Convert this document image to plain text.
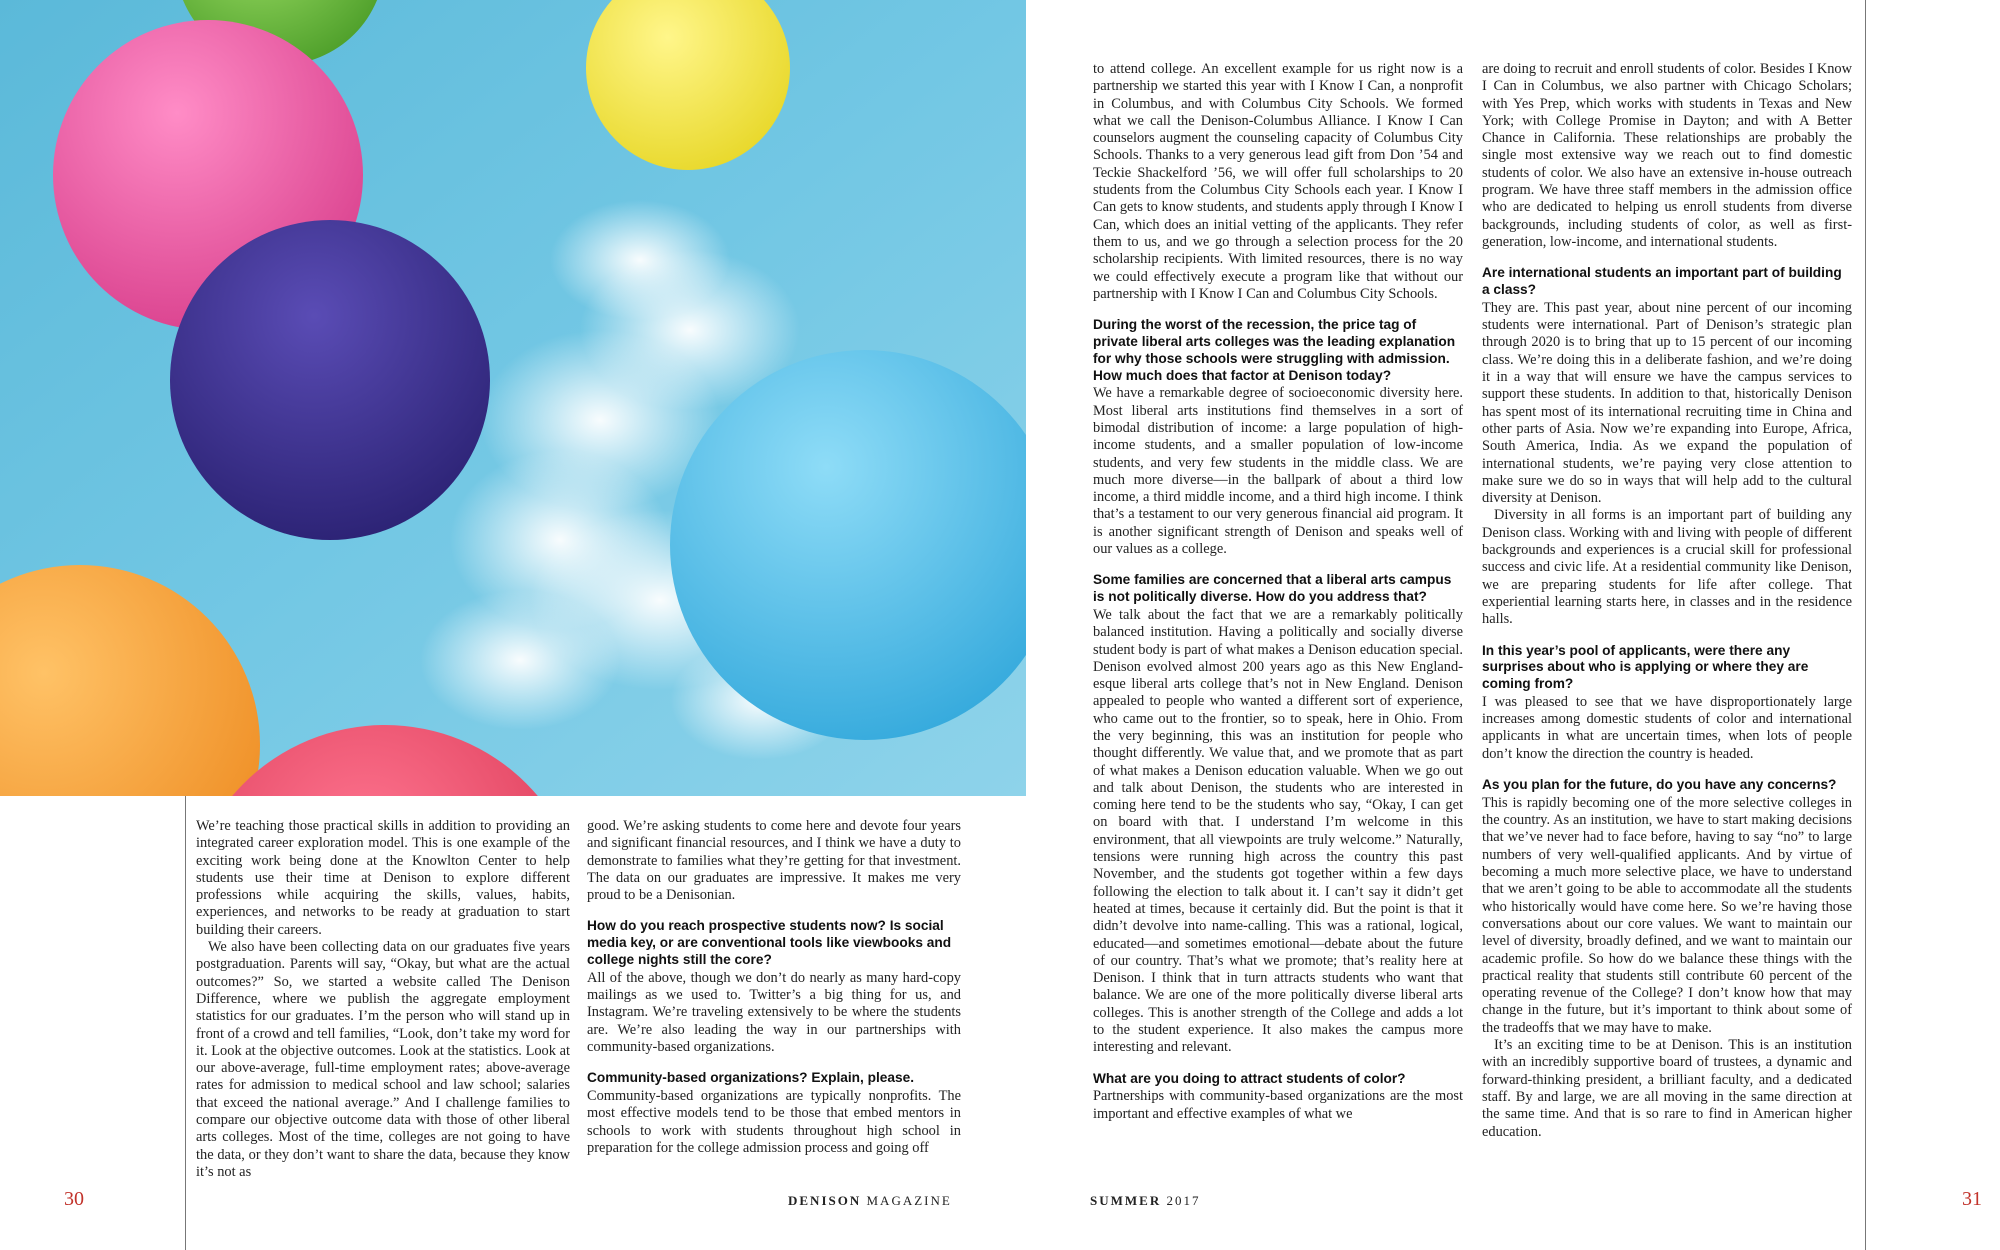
We’re teaching those practical skills in addition to providing an integrated career exploration model. This is one example of the exciting work being done at the Knowlton Center to help students use their time at Denison to explore different professions while acquiring the skills, values, habits, experiences, and networks to be ready at graduation to start building their careers.

We also have been collecting data on our graduates five years postgraduation. Parents will say, “Okay, but what are the actual outcomes?” So, we started a website called The Denison Difference, where we publish the aggregate employment statistics for our graduates. I’m the person who will stand up in front of a crowd and tell families, “Look, don’t take my word for it. Look at the objective outcomes. Look at the statistics. Look at our above-average, full-time employment rates; above-average rates for admission to medical school and law school; salaries that exceed the national average.” And I challenge families to compare our objective outcome data with those of other liberal arts colleges. Most of the time, colleges are not going to have the data, or they don’t want to share the data, because they know it’s not as

good. We’re asking students to come here and devote four years and significant financial resources, and I think we have a duty to demonstrate to families what they’re getting for that investment. The data on our graduates are impressive. It makes me very proud to be a Denisonian.

How do you reach prospective students now? Is social media key, or are conventional tools like viewbooks and college nights still the core?

All of the above, though we don’t do nearly as many hard-copy mailings as we used to. Twitter’s a big thing for us, and Instagram. We’re traveling extensively to be where the students are. We’re also leading the way in our partnerships with community-based organizations.

Community-based organizations? Explain, please.

Community-based organizations are typically nonprofits. The most effective models tend to be those that embed mentors in schools to work with students throughout high school in preparation for the college admission process and going off

to attend college. An excellent example for us right now is a partnership we started this year with I Know I Can, a nonprofit in Columbus, and with Columbus City Schools. We formed what we call the Denison-Columbus Alliance. I Know I Can counselors augment the counseling capacity of Columbus City Schools. Thanks to a very generous lead gift from Don ’54 and Teckie Shackelford ’56, we will offer full scholarships to 20 students from the Columbus City Schools each year. I Know I Can gets to know students, and students apply through I Know I Can, which does an initial vetting of the applicants. They refer them to us, and we go through a selection process for the 20 scholarship recipients. With limited resources, there is no way we could effectively execute a program like that without our partnership with I Know I Can and Columbus City Schools.

During the worst of the recession, the price tag of private liberal arts colleges was the leading explanation for why those schools were struggling with admission. How much does that factor at Denison today?

We have a remarkable degree of socioeconomic diversity here. Most liberal arts institutions find themselves in a sort of bimodal distribution of income: a large population of high-income students, and a smaller population of low-income students, and very few students in the middle class. We are much more diverse—in the ballpark of about a third low income, a third middle income, and a third high income. I think that’s a testament to our very generous financial aid program. It is another significant strength of Denison and speaks well of our values as a college.

Some families are concerned that a liberal arts campus is not politically diverse. How do you address that?

We talk about the fact that we are a remarkably politically balanced institution. Having a politically and socially diverse student body is part of what makes a Denison education special. Denison evolved almost 200 years ago as this New England-esque liberal arts college that’s not in New England. Denison appealed to people who wanted a different sort of experience, who came out to the frontier, so to speak, here in Ohio. From the very beginning, this was an institution for people who thought differently. We value that, and we promote that as part of what makes a Denison education valuable. When we go out and talk about Denison, the students who are interested in coming here tend to be the students who say, “Okay, I can get on board with that. I understand I’m welcome in this environment, that all viewpoints are truly welcome.” Naturally, tensions were running high across the country this past November, and the students got together within a few days following the election to talk about it. I can’t say it didn’t get heated at times, because it certainly did. But the point is that it didn’t devolve into name-calling. This was a rational, logical, educated—and sometimes emotional—debate about the future of our country. That’s what we promote; that’s reality here at Denison. I think that in turn attracts students who want that balance. We are one of the more politically diverse liberal arts colleges. This is another strength of the College and adds a lot to the student experience. It also makes the campus more interesting and relevant.

What are you doing to attract students of color?

Partnerships with community-based organizations are the most important and effective examples of what we

are doing to recruit and enroll students of color. Besides I Know I Can in Columbus, we also partner with Chicago Scholars; with Yes Prep, which works with students in Texas and New York; with College Promise in Dayton; and with A Better Chance in California. These relationships are probably the single most extensive way we reach out to find domestic students of color. We also have an extensive in-house outreach program. We have three staff members in the admission office who are dedicated to helping us enroll students from diverse backgrounds, including students of color, as well as first-generation, low-income, and international students.

Are international students an important part of building a class?

They are. This past year, about nine percent of our incoming students were international. Part of Denison’s strategic plan through 2020 is to bring that up to 15 percent of our incoming class. We’re doing this in a deliberate fashion, and we’re doing it in a way that will ensure we have the campus services to support these students. In addition to that, historically Denison has spent most of its international recruiting time in China and other parts of Asia. Now we’re expanding into Europe, Africa, South America, India. As we expand the population of international students, we’re paying very close attention to make sure we do so in ways that will help add to the cultural diversity at Denison.

Diversity in all forms is an important part of building any Denison class. Working with and living with people of different backgrounds and experiences is a crucial skill for professional success and civic life. At a residential community like Denison, we are preparing students for life after college. That experiential learning starts here, in classes and in the residence halls.

In this year’s pool of applicants, were there any surprises about who is applying or where they are coming from?

I was pleased to see that we have disproportionately large increases among domestic students of color and international applicants in what are uncertain times, when lots of people don’t know the direction the country is headed.

As you plan for the future, do you have any concerns?

This is rapidly becoming one of the more selective colleges in the country. As an institution, we have to start making decisions that we’ve never had to face before, having to say “no” to large numbers of very well-qualified applicants. And by virtue of becoming a much more selective place, we have to understand that we aren’t going to be able to accommodate all the students who historically would have come here. So we’re having those conversations about our core values. We want to maintain our level of diversity, broadly defined, and we want to maintain our academic profile. So how do we balance these things with the practical reality that students still contribute 60 percent of the operating revenue of the College? I don’t know how that may change in the future, but it’s important to think about some of the tradeoffs that we may have to make.

It’s an exciting time to be at Denison. This is an institution with an incredibly supportive board of trustees, a dynamic and forward-thinking president, a brilliant faculty, and a dedicated staff. By and large, we are all moving in the same direction at the same time. And that is so rare to find in American higher education.

30	DENISON MAGAZINE	SUMMER 2017	31
